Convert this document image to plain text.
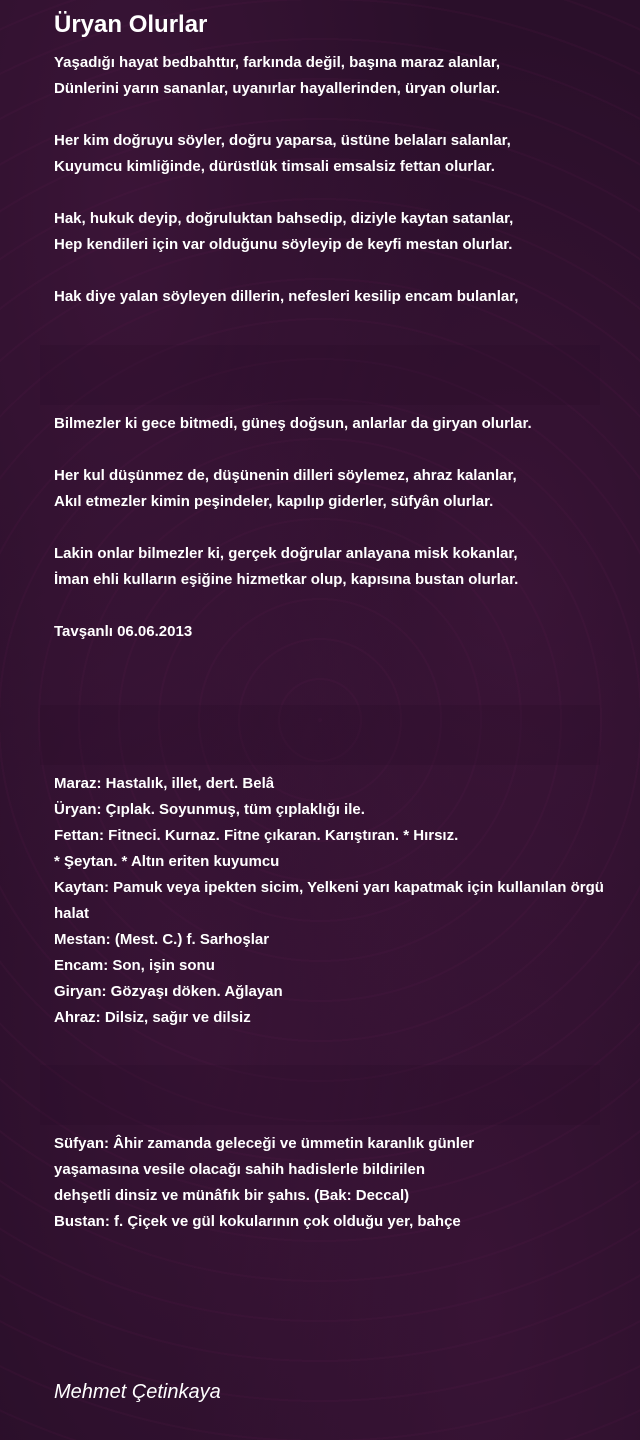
Üryan Olurlar
Yaşadığı hayat bedbahttır, farkında değil, başına maraz alanlar,
Dünlerini yarın sananlar, uyanırlar hayallerinden, üryan olurlar.
Her kim doğruyu söyler, doğru yaparsa, üstüne belaları salanlar,
Kuyumcu kimliğinde, dürüstlük timsali emsalsiz fettan olurlar.
Hak, hukuk deyip, doğruluktan bahsedip, diziyle kaytan satanlar,
Hep kendileri için var olduğunu söyleyip de keyfi mestan olurlar.
Hak diye yalan söyleyen dillerin, nefesleri kesilip encam bulanlar,
Bilmezler ki gece bitmedi, güneş doğsun, anlarlar da giryan olurlar.
Her kul düşünmez de, düşünenin dilleri söylemez, ahraz kalanlar,
Akıl etmezler kimin peşindeler, kapılıp giderler, süfyân olurlar.
Lakin onlar bilmezler ki, gerçek doğrular anlayana misk kokanlar,
İman ehli kulların eşiğine hizmetkar olup, kapısına bustan olurlar.
Tavşanlı 06.06.2013
Maraz: Hastalık, illet, dert. Belâ
Üryan: Çıplak. Soyunmuş, tüm çıplaklığı ile.
Fettan: Fitneci. Kurnaz. Fitne çıkaran. Karıştıran. * Hırsız.
* Şeytan. * Altın eriten kuyumcu
Kaytan: Pamuk veya ipekten sicim, Yelkeni yarı kapatmak için kullanılan örgü halat
Mestan: (Mest. C.) f. Sarhoşlar
Encam: Son, işin sonu
Giryan: Gözyaşı döken. Ağlayan
Ahraz: Dilsiz, sağır ve dilsiz
Süfyan: Âhir zamanda geleceği ve ümmetin karanlık günler
yaşamasına vesile olacağı sahih hadislerle bildirilen
dehşetli dinsiz ve münâfık bir şahıs. (Bak: Deccal)
Bustan: f. Çiçek ve gül kokularının çok olduğu yer, bahçe
Mehmet Çetinkaya
